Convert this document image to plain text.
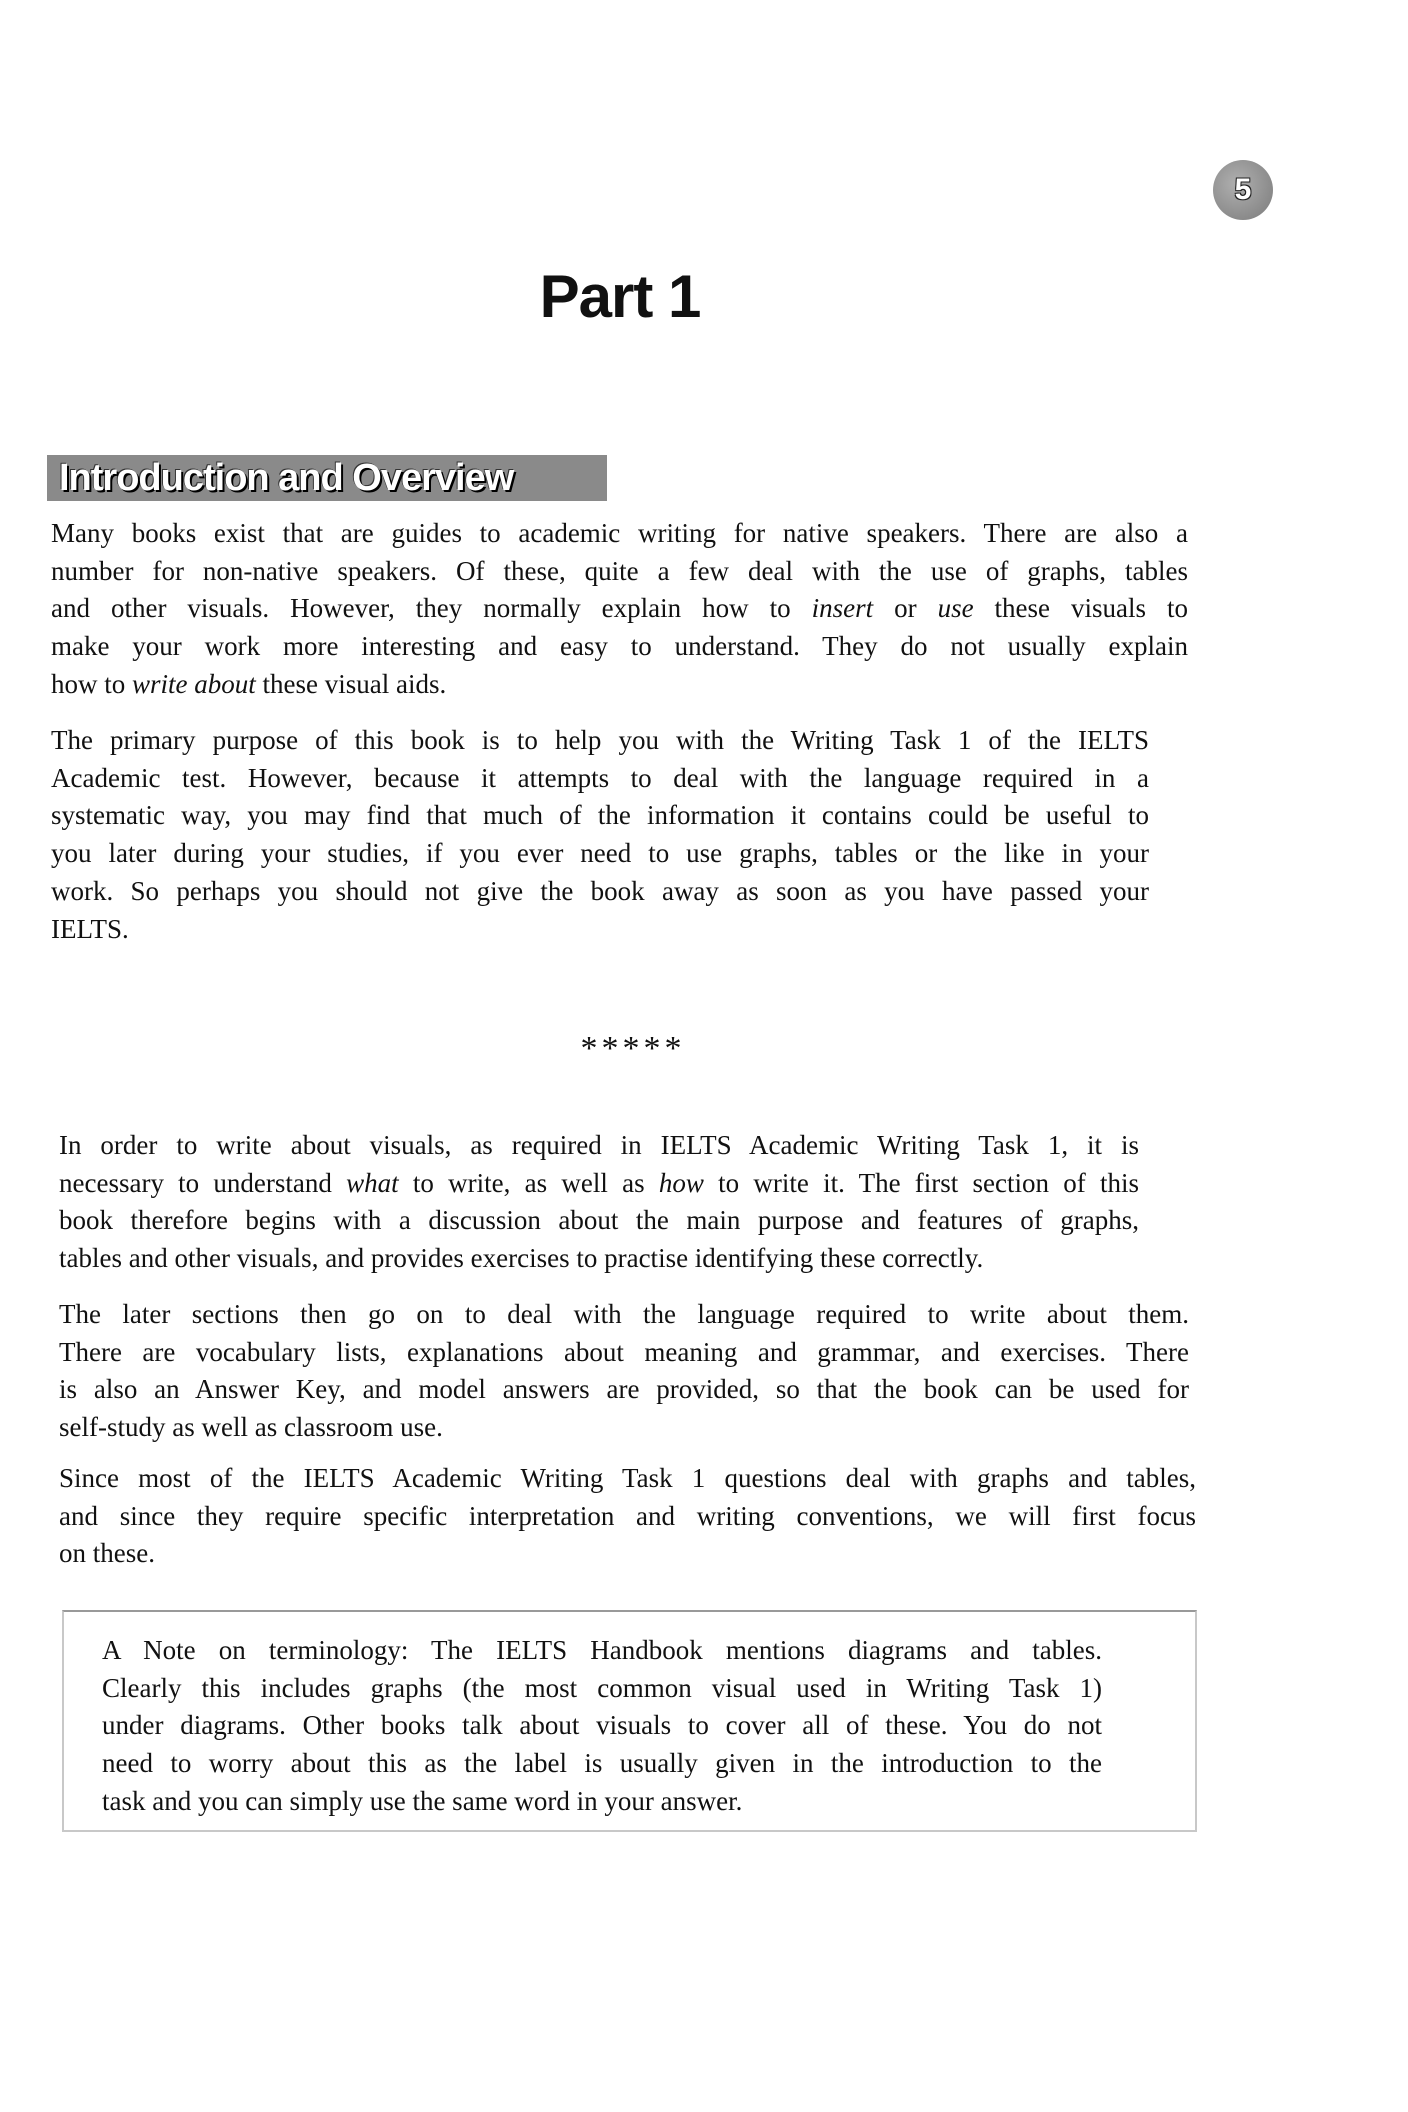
5
Part 1
Introduction and Overview
Many books exist that are guides to academic writing for native speakers. There are also a
number for non-native speakers. Of these, quite a few deal with the use of graphs, tables
and other visuals. However, they normally explain how to insert or use these visuals to
make your work more interesting and easy to understand. They do not usually explain
how to write about these visual aids.
The primary purpose of this book is to help you with the Writing Task 1 of the IELTS
Academic test. However, because it attempts to deal with the language required in a
systematic way, you may find that much of the information it contains could be useful to
you later during your studies, if you ever need to use graphs, tables or the like in your
work. So perhaps you should not give the book away as soon as you have passed your
IELTS.
*****
In order to write about visuals, as required in IELTS Academic Writing Task 1, it is
necessary to understand what to write, as well as how to write it. The first section of this
book therefore begins with a discussion about the main purpose and features of graphs,
tables and other visuals, and provides exercises to practise identifying these correctly.
The later sections then go on to deal with the language required to write about them.
There are vocabulary lists, explanations about meaning and grammar, and exercises. There
is also an Answer Key, and model answers are provided, so that the book can be used for
self-study as well as classroom use.
Since most of the IELTS Academic Writing Task 1 questions deal with graphs and tables,
and since they require specific interpretation and writing conventions, we will first focus
on these.
A Note on terminology: The IELTS Handbook mentions diagrams and tables.
Clearly this includes graphs (the most common visual used in Writing Task 1)
under diagrams. Other books talk about visuals to cover all of these. You do not
need to worry about this as the label is usually given in the introduction to the
task and you can simply use the same word in your answer.
